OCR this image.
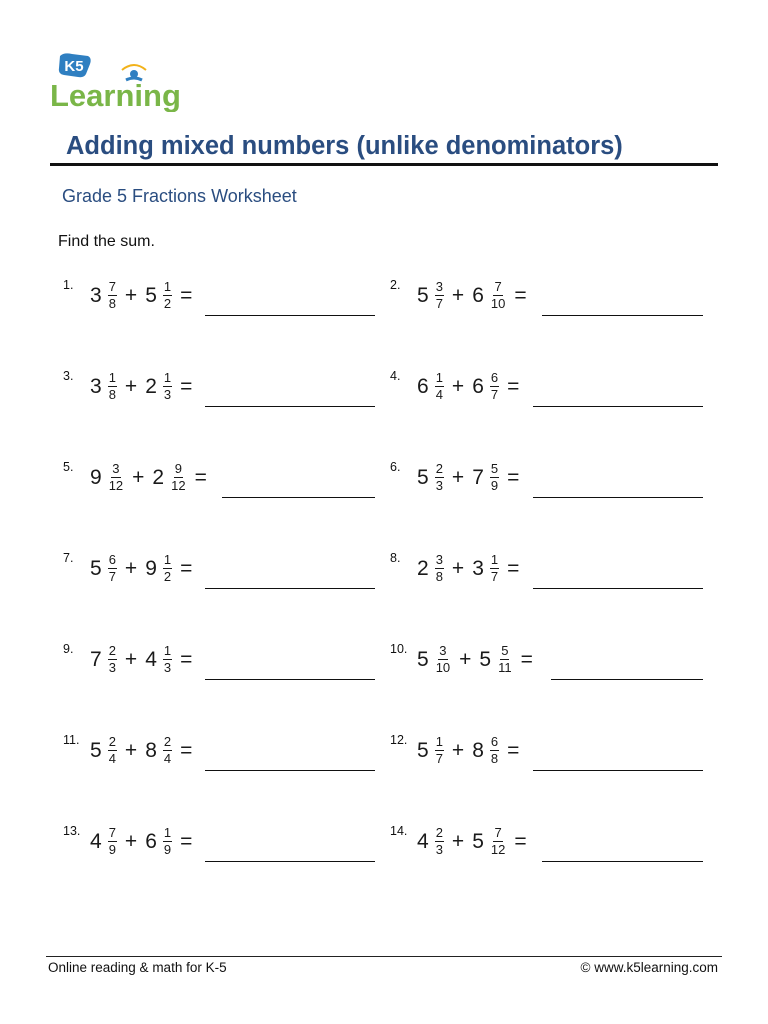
K5
Learning
Adding mixed numbers (unlike denominators)
Grade 5 Fractions Worksheet
Find the sum.
1. $3 \frac{7}{8} + 5 \frac{1}{2}$ =	2. $5 \frac{3}{7} + 6 \frac{7}{10}$ =
3. $3 \frac{1}{8} + 2 \frac{1}{3}$ =	4. $6 \frac{1}{4} + 6 \frac{6}{7}$ =
5. $9 \frac{3}{12} + 2 \frac{9}{12}$ =	6. $5 \frac{2}{3} + 7 \frac{5}{9}$ =
7. $5 \frac{6}{7} + 9 \frac{1}{2}$ =	8. $2 \frac{3}{8} + 3 \frac{1}{7}$ =
9. $7 \frac{2}{3} + 4 \frac{1}{3}$ =	10. $5 \frac{3}{10} + 5 \frac{5}{11}$ =
11. $5 \frac{2}{4} + 8 \frac{2}{4}$ =	12. $5 \frac{1}{7} + 8 \frac{6}{8}$ =
13. $4 \frac{7}{9} + 6 \frac{1}{9}$ =	14. $4 \frac{2}{3} + 5 \frac{7}{12}$ =
Online reading & math for K-5	© www.k5learning.com
